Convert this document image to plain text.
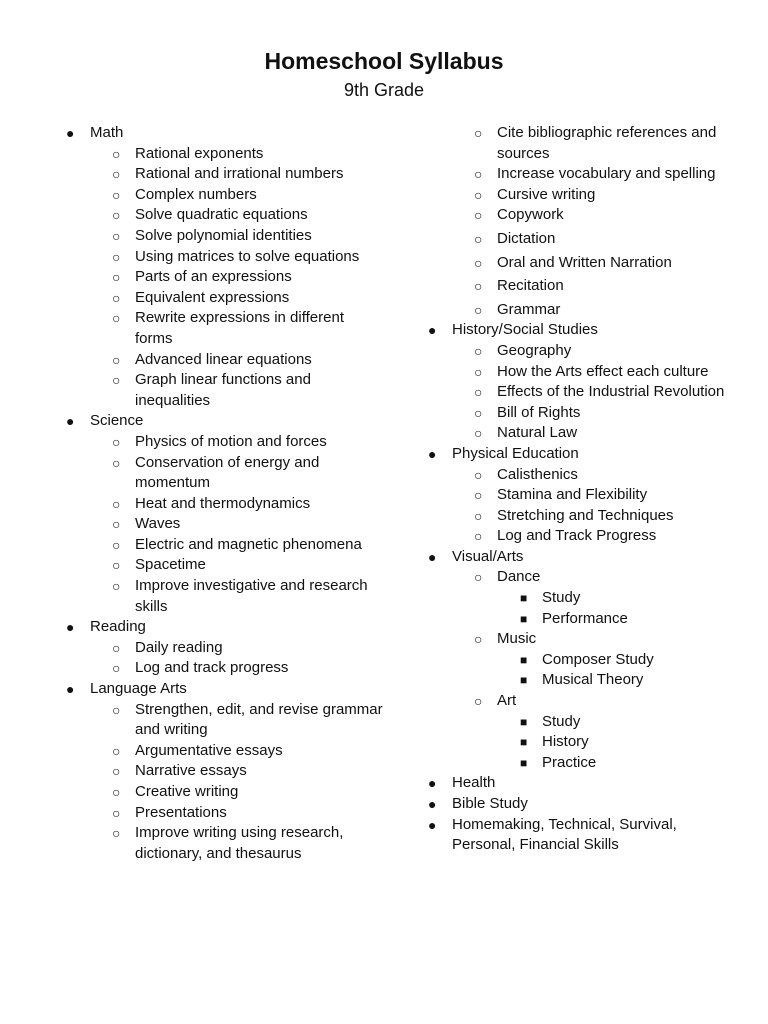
Homeschool Syllabus
9th Grade
● Math
○ Rational exponents
○ Rational and irrational numbers
○ Complex numbers
○ Solve quadratic equations
○ Solve polynomial identities
○ Using matrices to solve equations
○ Parts of an expressions
○ Equivalent expressions
○ Rewrite expressions in different forms
○ Advanced linear equations
○ Graph linear functions and inequalities
● Science
○ Physics of motion and forces
○ Conservation of energy and momentum
○ Heat and thermodynamics
○ Waves
○ Electric and magnetic phenomena
○ Spacetime
○ Improve investigative and research skills
● Reading
○ Daily reading
○ Log and track progress
● Language Arts
○ Strengthen, edit, and revise grammar and writing
○ Argumentative essays
○ Narrative essays
○ Creative writing
○ Presentations
○ Improve writing using research, dictionary, and thesaurus
○ Cite bibliographic references and sources
○ Increase vocabulary and spelling
○ Cursive writing
○ Copywork
○ Dictation
○ Oral and Written Narration
○ Recitation
○ Grammar
● History/Social Studies
○ Geography
○ How the Arts effect each culture
○ Effects of the Industrial Revolution
○ Bill of Rights
○ Natural Law
● Physical Education
○ Calisthenics
○ Stamina and Flexibility
○ Stretching and Techniques
○ Log and Track Progress
● Visual/Arts
○ Dance
■ Study
■ Performance
○ Music
■ Composer Study
■ Musical Theory
○ Art
■ Study
■ History
■ Practice
● Health
● Bible Study
● Homemaking, Technical, Survival, Personal, Financial Skills
